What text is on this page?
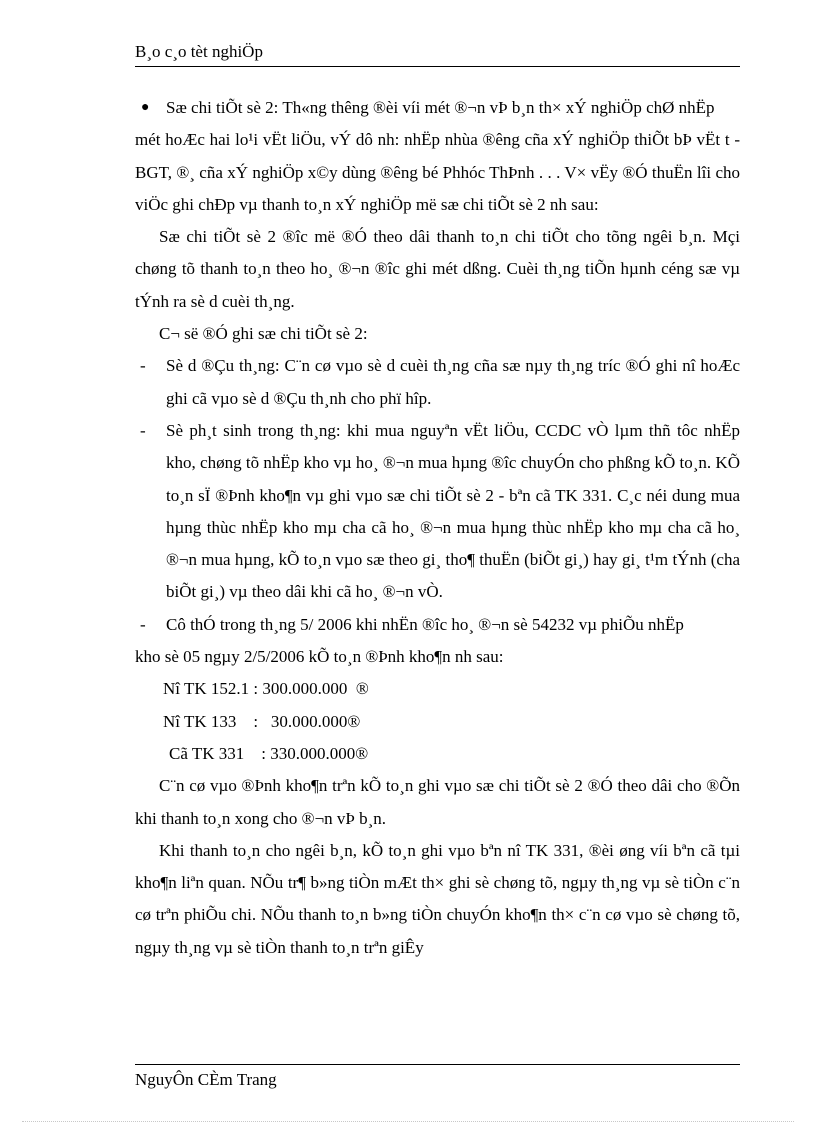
B¸o c¸o tèt nghiÖp

● Sæ chi tiÕt sè 2: Th«ng thêng ®èi víi mét ®¬n vÞ b¸n th× xÝ nghiÖp chØ nhËp

mét hoÆc hai lo¹i vËt liÖu, vÝ dô nh: nhËp nhùa ®êng cña xÝ nghiÖp thiÕt bÞ vËt t - BGT, ®¸ cña xÝ nghiÖp x©y dùng ®êng bé Phhóc ThÞnh . . . V× vËy ®Ó thuËn lîi cho viÖc ghi chÐp vµ thanh to¸n xÝ nghiÖp më sæ chi tiÕt sè 2 nh sau:

Sæ chi tiÕt sè 2 ®îc më ®Ó theo dâi thanh to¸n chi tiÕt cho tõng ngêi b¸n. Mçi chøng tõ thanh to¸n theo ho¸ ®¬n ®îc ghi mét dßng. Cuèi th¸ng tiÕn hµnh céng sæ vµ tÝnh ra sè d cuèi th¸ng.

C¬ së ®Ó ghi sæ chi tiÕt sè 2:

- Sè d ®Çu th¸ng: C¨n cø vµo sè d cuèi th¸ng cña sæ nµy th¸ng tríc ®Ó ghi nî hoÆc ghi cã vµo sè d ®Çu th¸nh cho phï hîp.

- Sè ph¸t sinh trong th¸ng: khi mua nguyªn vËt liÖu, CCDC vÒ lµm thñ tôc nhËp kho, chøng tõ nhËp kho vµ ho¸ ®¬n mua hµng ®îc chuyÓn cho phßng kÕ to¸n. KÕ to¸n sÏ ®Þnh kho¶n vµ ghi vµo sæ chi tiÕt sè 2 - bªn cã TK 331. C¸c néi dung mua hµng thùc nhËp kho mµ cha cã ho¸ ®¬n mua hµng thùc nhËp kho mµ cha cã ho¸ ®¬n mua hµng, kÕ to¸n vµo sæ theo gi¸ tho¶ thuËn (biÕt gi¸) hay gi¸ t¹m tÝnh (cha biÕt gi¸) vµ theo dâi khi cã ho¸ ®¬n vÒ.

- Cô thÓ trong th¸ng 5/ 2006 khi nhËn ®îc ho¸ ®¬n sè 54232 vµ phiÕu nhËp

kho sè 05 ngµy 2/5/2006 kÕ to¸n ®Þnh kho¶n nh sau:

Nî TK 152.1 : 300.000.000  ®

Nî TK 133    :   30.000.000®

Cã TK 331    : 330.000.000®

C¨n cø vµo ®Þnh kho¶n trªn kÕ to¸n ghi vµo sæ chi tiÕt sè 2 ®Ó theo dâi cho ®Õn khi thanh to¸n xong cho ®¬n vÞ b¸n.

Khi thanh to¸n cho ngêi b¸n, kÕ to¸n ghi vµo bªn nî TK 331, ®èi øng víi bªn cã tµi kho¶n liªn quan. NÕu tr¶ b»ng tiÒn mÆt th× ghi sè chøng tõ, ngµy th¸ng vµ sè tiÒn c¨n cø trªn phiÕu chi. NÕu thanh to¸n b»ng tiÒn chuyÓn kho¶n th× c¨n cø vµo sè chøng tõ, ngµy th¸ng vµ sè tiÒn thanh to¸n trªn giÊy

NguyÔn CÈm Trang
